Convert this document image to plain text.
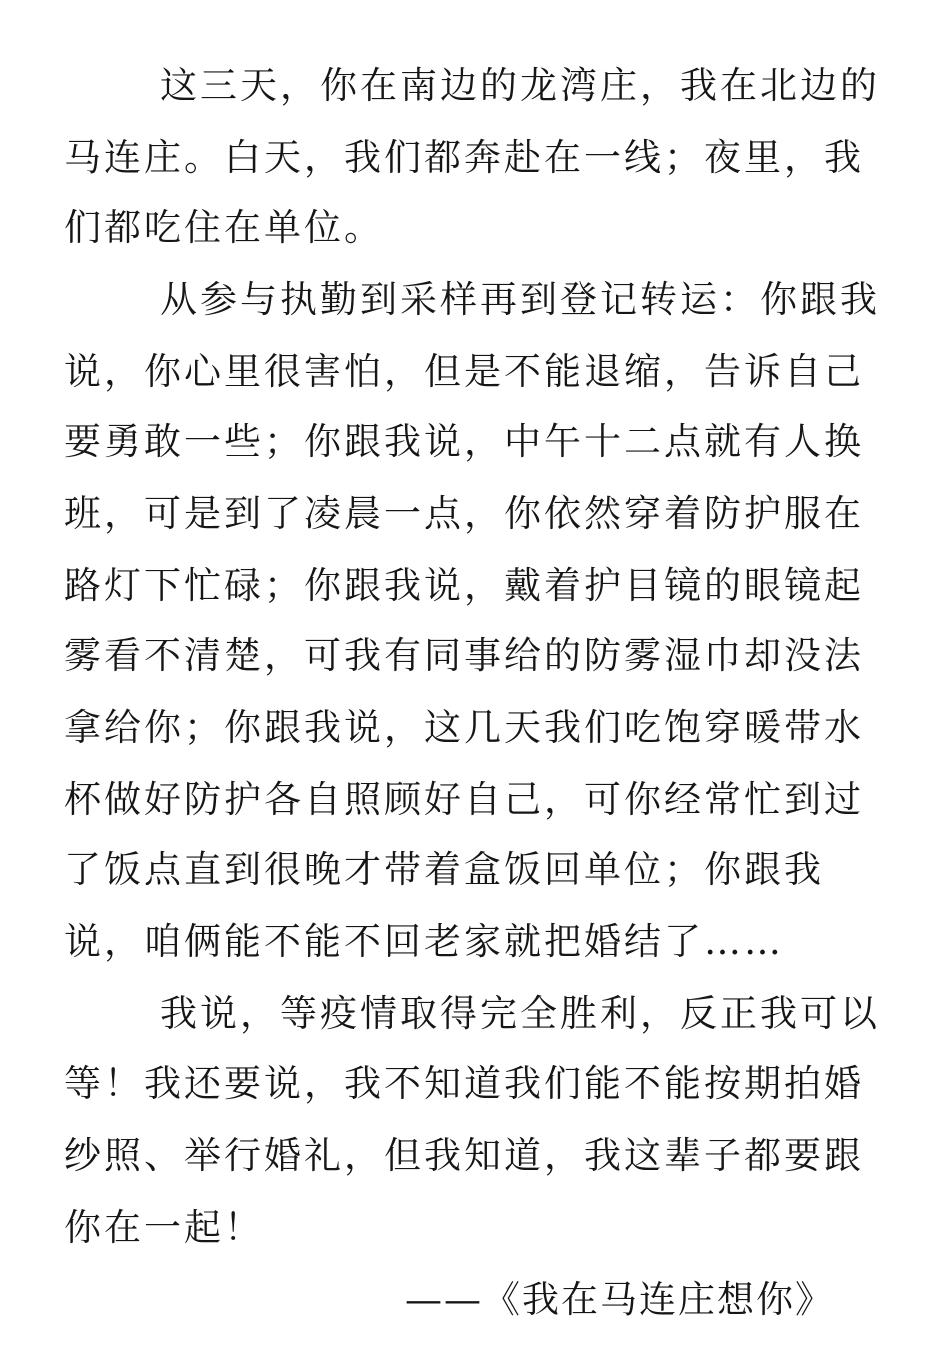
这三天，你在南边的龙湾庄，我在北边的
马连庄。白天，我们都奔赴在一线；夜里，我
们都吃住在单位。
从参与执勤到采样再到登记转运：你跟我
说，你心里很害怕，但是不能退缩，告诉自己
要勇敢一些；你跟我说，中午十二点就有人换
班，可是到了凌晨一点，你依然穿着防护服在
路灯下忙碌；你跟我说，戴着护目镜的眼镜起
雾看不清楚，可我有同事给的防雾湿巾却没法
拿给你；你跟我说，这几天我们吃饱穿暖带水
杯做好防护各自照顾好自己，可你经常忙到过
了饭点直到很晚才带着盒饭回单位；你跟我
说，咱俩能不能不回老家就把婚结了……
我说，等疫情取得完全胜利，反正我可以
等！我还要说，我不知道我们能不能按期拍婚
纱照、举行婚礼，但我知道，我这辈子都要跟
你在一起！
——《我在马连庄想你》
